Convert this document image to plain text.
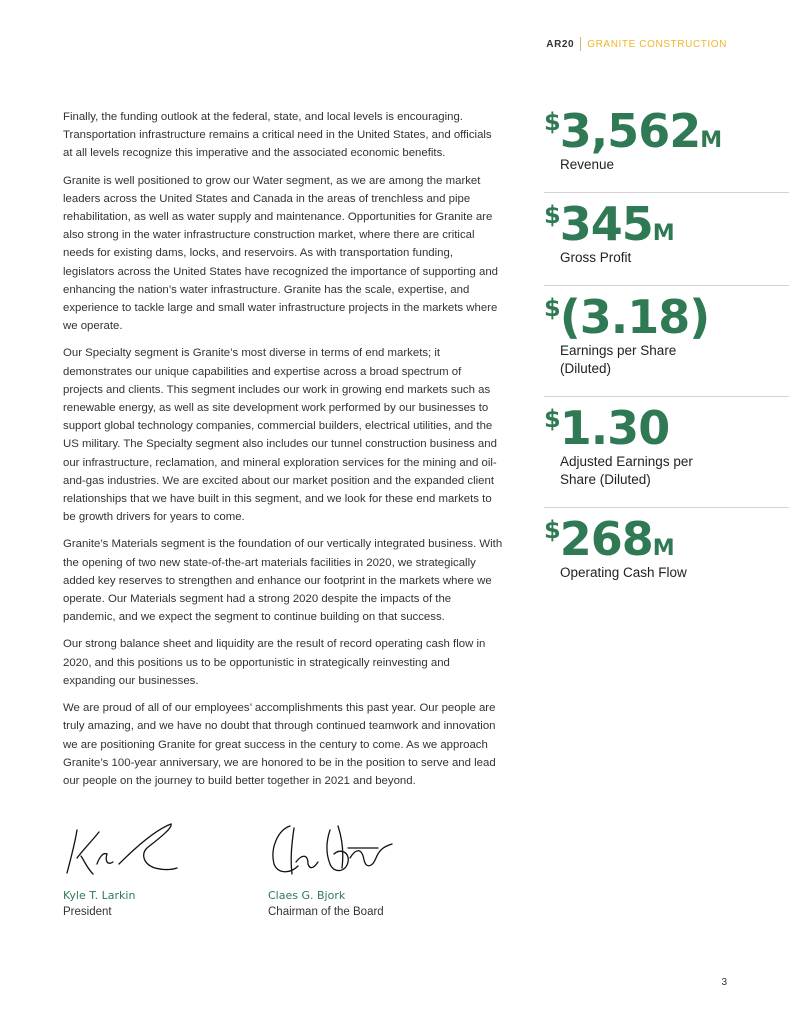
AR20 GRANITE CONSTRUCTION

Finally, the funding outlook at the federal, state, and local levels is encouraging. Transportation infrastructure remains a critical need in the United States, and officials at all levels recognize this imperative and the associated economic benefits.

Granite is well positioned to grow our Water segment, as we are among the market leaders across the United States and Canada in the areas of trenchless and pipe rehabilitation, as well as water supply and maintenance. Opportunities for Granite are also strong in the water infrastructure construction market, where there are critical needs for existing dams, locks, and reservoirs. As with transportation funding, legislators across the United States have recognized the importance of supporting and enhancing the nation’s water infrastructure. Granite has the scale, expertise, and experience to tackle large and small water infrastructure projects in the markets where we operate.

Our Specialty segment is Granite’s most diverse in terms of end markets; it demonstrates our unique capabilities and expertise across a broad spectrum of projects and clients. This segment includes our work in growing end markets such as renewable energy, as well as site development work performed by our businesses to support global technology companies, commercial builders, electrical utilities, and the US military. The Specialty segment also includes our tunnel construction business and our infrastructure, reclamation, and mineral exploration services for the mining and oil-and-gas industries. We are excited about our market position and the expanded client relationships that we have built in this segment, and we look for these end markets to be growth drivers for years to come.

Granite’s Materials segment is the foundation of our vertically integrated business. With the opening of two new state-of-the-art materials facilities in 2020, we strategically added key reserves to strengthen and enhance our footprint in the markets where we operate. Our Materials segment had a strong 2020 despite the impacts of the pandemic, and we expect the segment to continue building on that success.

Our strong balance sheet and liquidity are the result of record operating cash flow in 2020, and this positions us to be opportunistic in strategically reinvesting and expanding our businesses.

We are proud of all of our employees’ accomplishments this past year. Our people are truly amazing, and we have no doubt that through continued teamwork and innovation we are positioning Granite for great success in the century to come. As we approach Granite’s 100-year anniversary, we are honored to be in the position to serve and lead our people on the journey to build better together in 2021 and beyond.

Kyle T. Larkin
President
Claes G. Bjork
Chairman of the Board
$3,562M
Revenue
$345M
Gross Profit
$(3.18)
Earnings per Share (Diluted)
$1.30
Adjusted Earnings per Share (Diluted)
$268M
Operating Cash Flow
3
